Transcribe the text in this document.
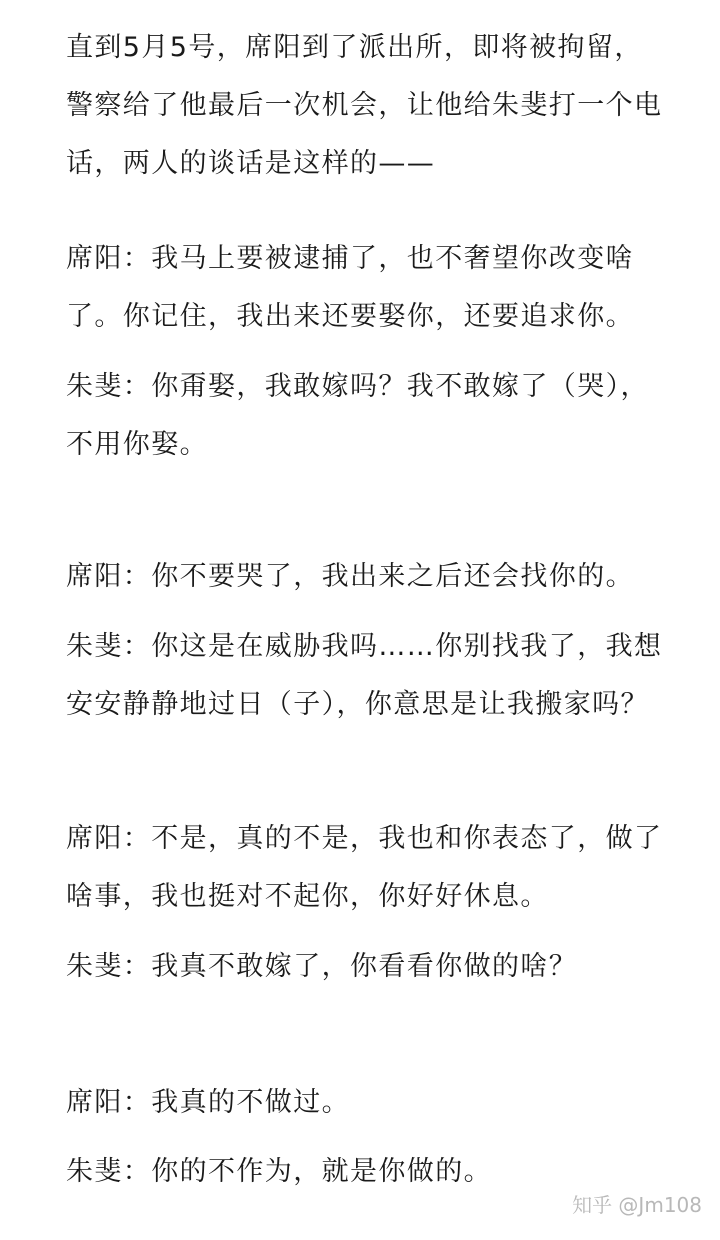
直到5月5号，席阳到了派出所，即将被拘留，
警察给了他最后一次机会，让他给朱斐打一个电
话，两人的谈话是这样的——

席阳：我马上要被逮捕了，也不奢望你改变啥
了。你记住，我出来还要娶你，还要追求你。

朱斐：你甭娶，我敢嫁吗？我不敢嫁了（哭），
不用你娶。

席阳：你不要哭了，我出来之后还会找你的。

朱斐：你这是在威胁我吗……你别找我了，我想
安安静静地过日（子），你意思是让我搬家吗？

席阳：不是，真的不是，我也和你表态了，做了
啥事，我也挺对不起你，你好好休息。

朱斐：我真不敢嫁了，你看看你做的啥？

席阳：我真的不做过。

朱斐：你的不作为，就是你做的。

知乎 @Jm108
